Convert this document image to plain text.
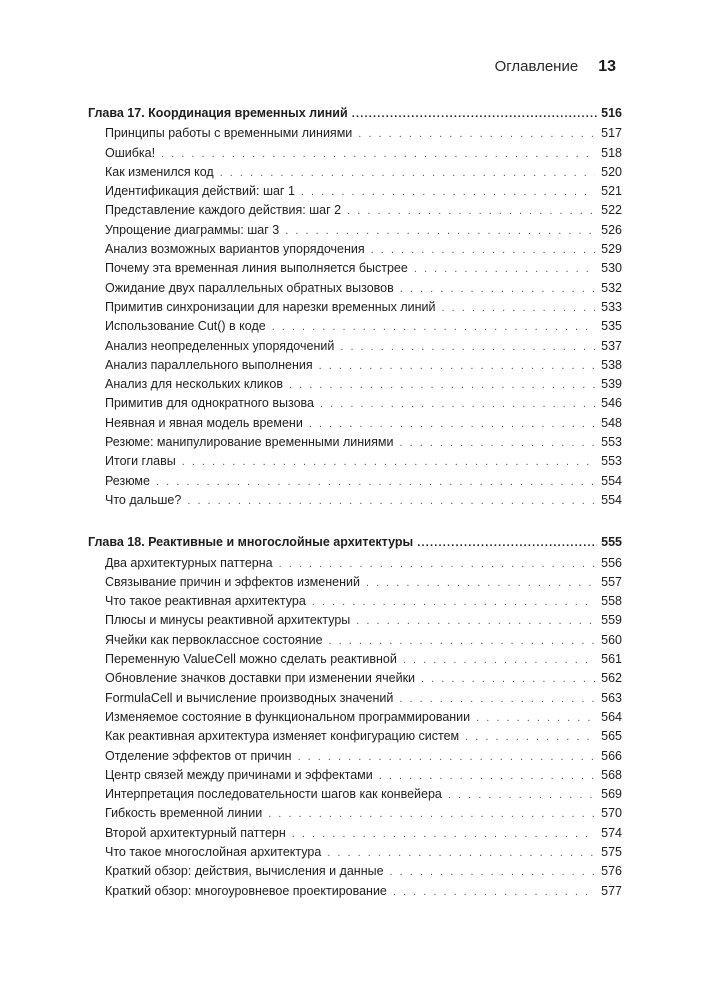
Оглавление 13
Глава 17. Координация временных линий .....	516
Принципы работы с временными линиями . . .	517
Ошибка! . . .	518
Как изменился код . . .	520
Идентификация действий: шаг 1 . . .	521
Представление каждого действия: шаг 2 . . .	522
Упрощение диаграммы: шаг 3 . . .	526
Анализ возможных вариантов упорядочения . . .	529
Почему эта временная линия выполняется быстрее . . .	530
Ожидание двух параллельных обратных вызовов . . .	532
Примитив синхронизации для нарезки временных линий . . .	533
Использование Cut() в коде . . .	535
Анализ неопределенных упорядочений . . .	537
Анализ параллельного выполнения . . .	538
Анализ для нескольких кликов . . .	539
Примитив для однократного вызова . . .	546
Неявная и явная модель времени . . .	548
Резюме: манипулирование временными линиями . . .	553
Итоги главы . . .	553
Резюме . . .	554
Что дальше? . . .	554
Глава 18. Реактивные и многослойные архитектуры .....	555
Два архитектурных паттерна . . .	556
Связывание причин и эффектов изменений . . .	557
Что такое реактивная архитектура . . .	558
Плюсы и минусы реактивной архитектуры . . .	559
Ячейки как первоклассное состояние . . .	560
Переменную ValueCell можно сделать реактивной . . .	561
Обновление значков доставки при изменении ячейки . . .	562
FormulaCell и вычисление производных значений . . .	563
Изменяемое состояние в функциональном программировании . . .	564
Как реактивная архитектура изменяет конфигурацию систем . . .	565
Отделение эффектов от причин . . .	566
Центр связей между причинами и эффектами . . .	568
Интерпретация последовательности шагов как конвейера . . .	569
Гибкость временной линии . . .	570
Второй архитектурный паттерн . . .	574
Что такое многослойная архитектура . . .	575
Краткий обзор: действия, вычисления и данные . . .	576
Краткий обзор: многоуровневое проектирование . . .	577
